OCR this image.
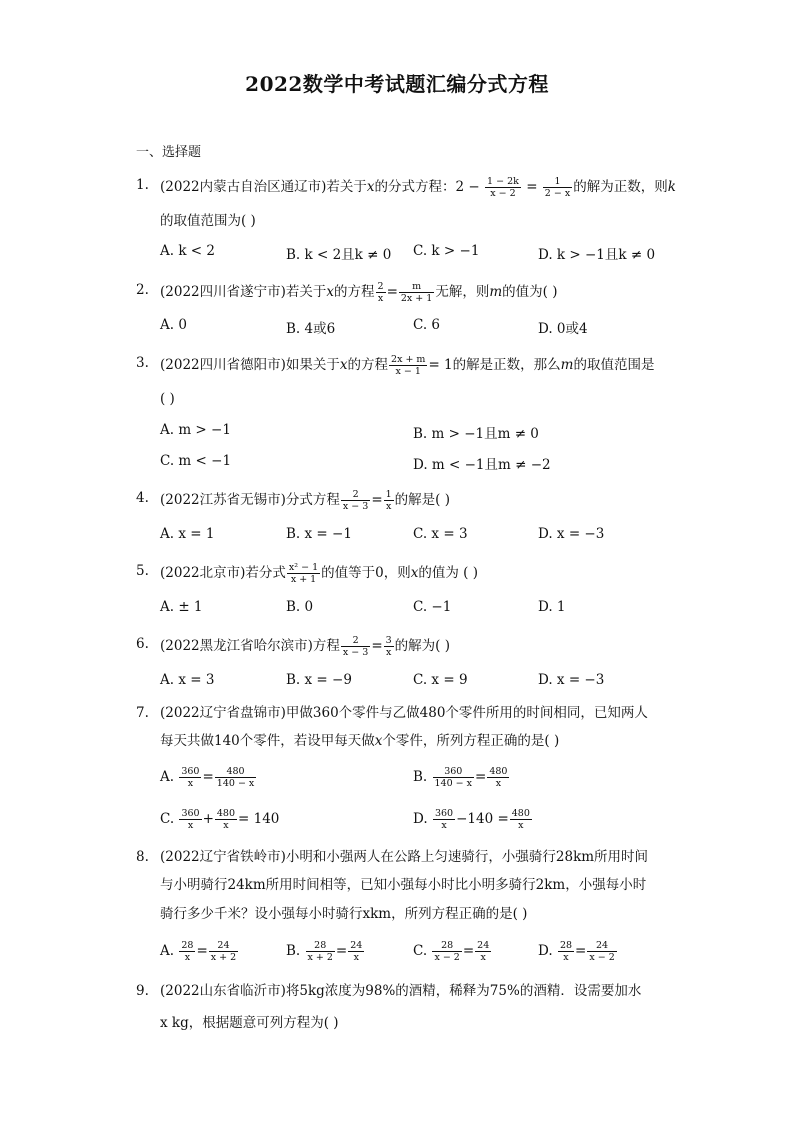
2022数学中考试题汇编分式方程
一、选择题
1. (2022内蒙古自治区通辽市)若关于x的分式方程：$2 - \frac{1 - 2k}{x - 2} = \frac{1}{2 - x}$ 的解为正数，则k
的取值范围为( )
A. k < 2	B. k < 2且k ≠ 0 C. k > −1	D. k > −1且k ≠ 0
2. (2022四川省遂宁市)若关于x的方程 $\frac{2}{x} = \frac{m}{2x + 1}$ 无解，则m的值为( )
A. 0	B. 4或6	C. 6	D. 0或4
3. (2022四川省德阳市)如果关于x的方程 $\frac{2x + m}{x - 1} = 1$的解是正数，那么m的取值范围是
( )
A. m > −1	B. m > −1且m ≠ 0
C. m < −1	D. m < −1且m ≠ −2
4. (2022江苏省无锡市)分式方程 $\frac{2}{x - 3} = \frac{1}{x}$ 的解是( )
A. x = 1	B. x = −1	C. x = 3	D. x = −3
5. (2022北京市)若分式 $\frac{\text{x² − 1}}{x + 1}$ 的值等于0，则x的值为 ( )
A. ± 1	B. 0	C. −1	D. 1
6. (2022黑龙江省哈尔滨市)方程 $\frac{2}{x - 3} = \frac{3}{x}$ 的解为( )
A. x = 3	B. x = −9	C. x = 9	D. x = −3
7. (2022辽宁省盘锦市)甲做360个零件与乙做480个零件所用的时间相同，已知两人
每天共做140个零件，若设甲每天做x个零件，所列方程正确的是( )
A. $\frac{360}{x} = \frac{480}{140 - x}$	B. $\frac{360}{140 - x} = \frac{480}{x}$
C. $\frac{360}{x} + \frac{480}{x} = 140$	D. $\frac{360}{x} -140 = \frac{480}{x}$
8. (2022辽宁省铁岭市)小明和小强两人在公路上匀速骑行，小强骑行28km所用时间
与小明骑行24km所用时间相等，已知小强每小时比小明多骑行2km，小强每小时
骑行多少千米？设小强每小时骑行xkm，所列方程正确的是( )
A. $\frac{28}{x} = \frac{24}{x + 2}$	B. $\frac{28}{x + 2} = \frac{24}{x}$	C. $\frac{28}{x - 2} = \frac{24}{x}$	D. $\frac{28}{x} = \frac{24}{x - 2}$
9. (2022山东省临沂市)将5kg浓度为98%的酒精，稀释为75%的酒精．设需要加水
x kg，根据题意可列方程为( )
